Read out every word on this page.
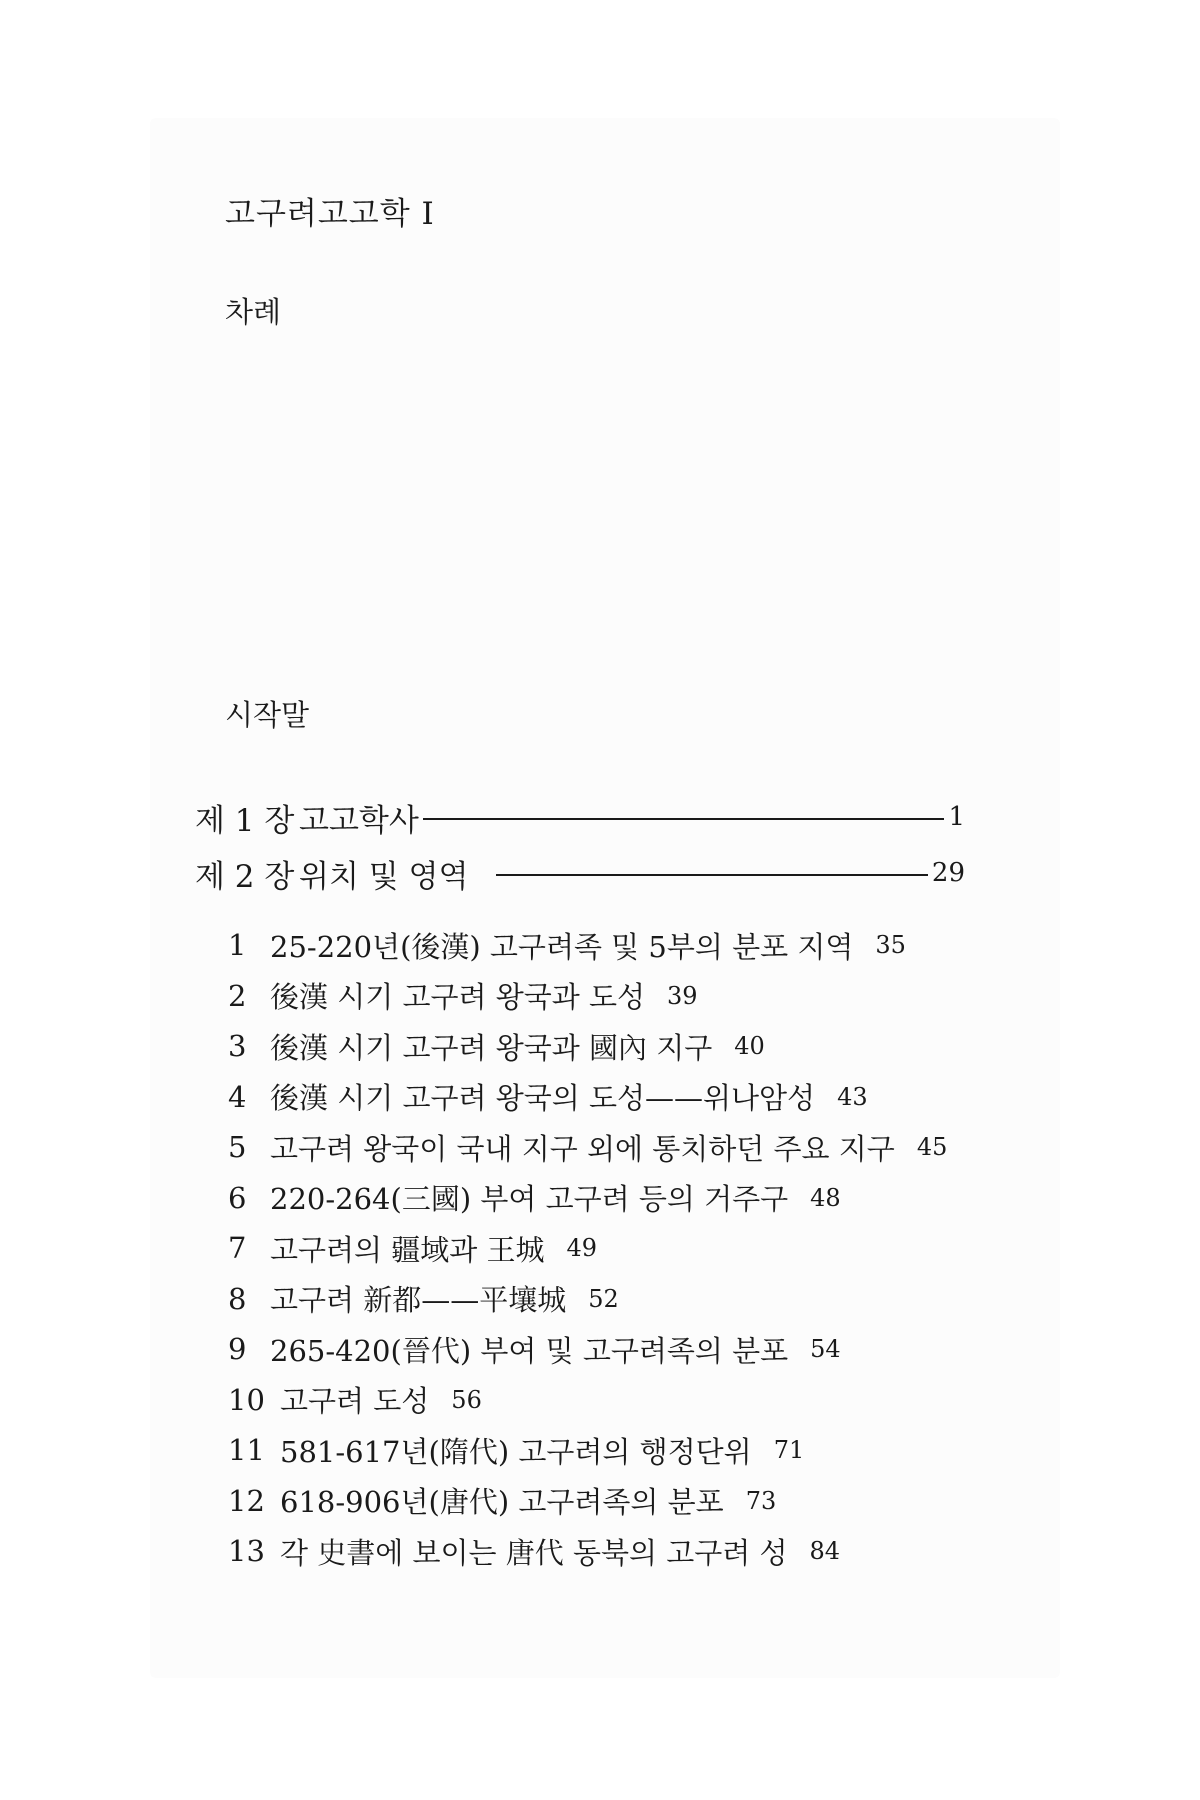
고구려고고학 I
차례
시작말
제 1 장 고고학사	1
제 2 장 위치 및 영역	29
1 25-220년(後漢) 고구려족 및 5부의 분포 지역 35
2 後漢 시기 고구려 왕국과 도성 39
3 後漢 시기 고구려 왕국과 國內 지구 40
4 後漢 시기 고구려 왕국의 도성——위나암성 43
5 고구려 왕국이 국내 지구 외에 통치하던 주요 지구 45
6 220-264(三國) 부여 고구려 등의 거주구 48
7 고구려의 疆域과 王城 49
8 고구려 新都——平壤城 52
9 265-420(晉代) 부여 및 고구려족의 분포 54
10 고구려 도성 56
11 581-617년(隋代) 고구려의 행정단위 71
12 618-906년(唐代) 고구려족의 분포 73
13 각 史書에 보이는 唐代 동북의 고구려 성 84
